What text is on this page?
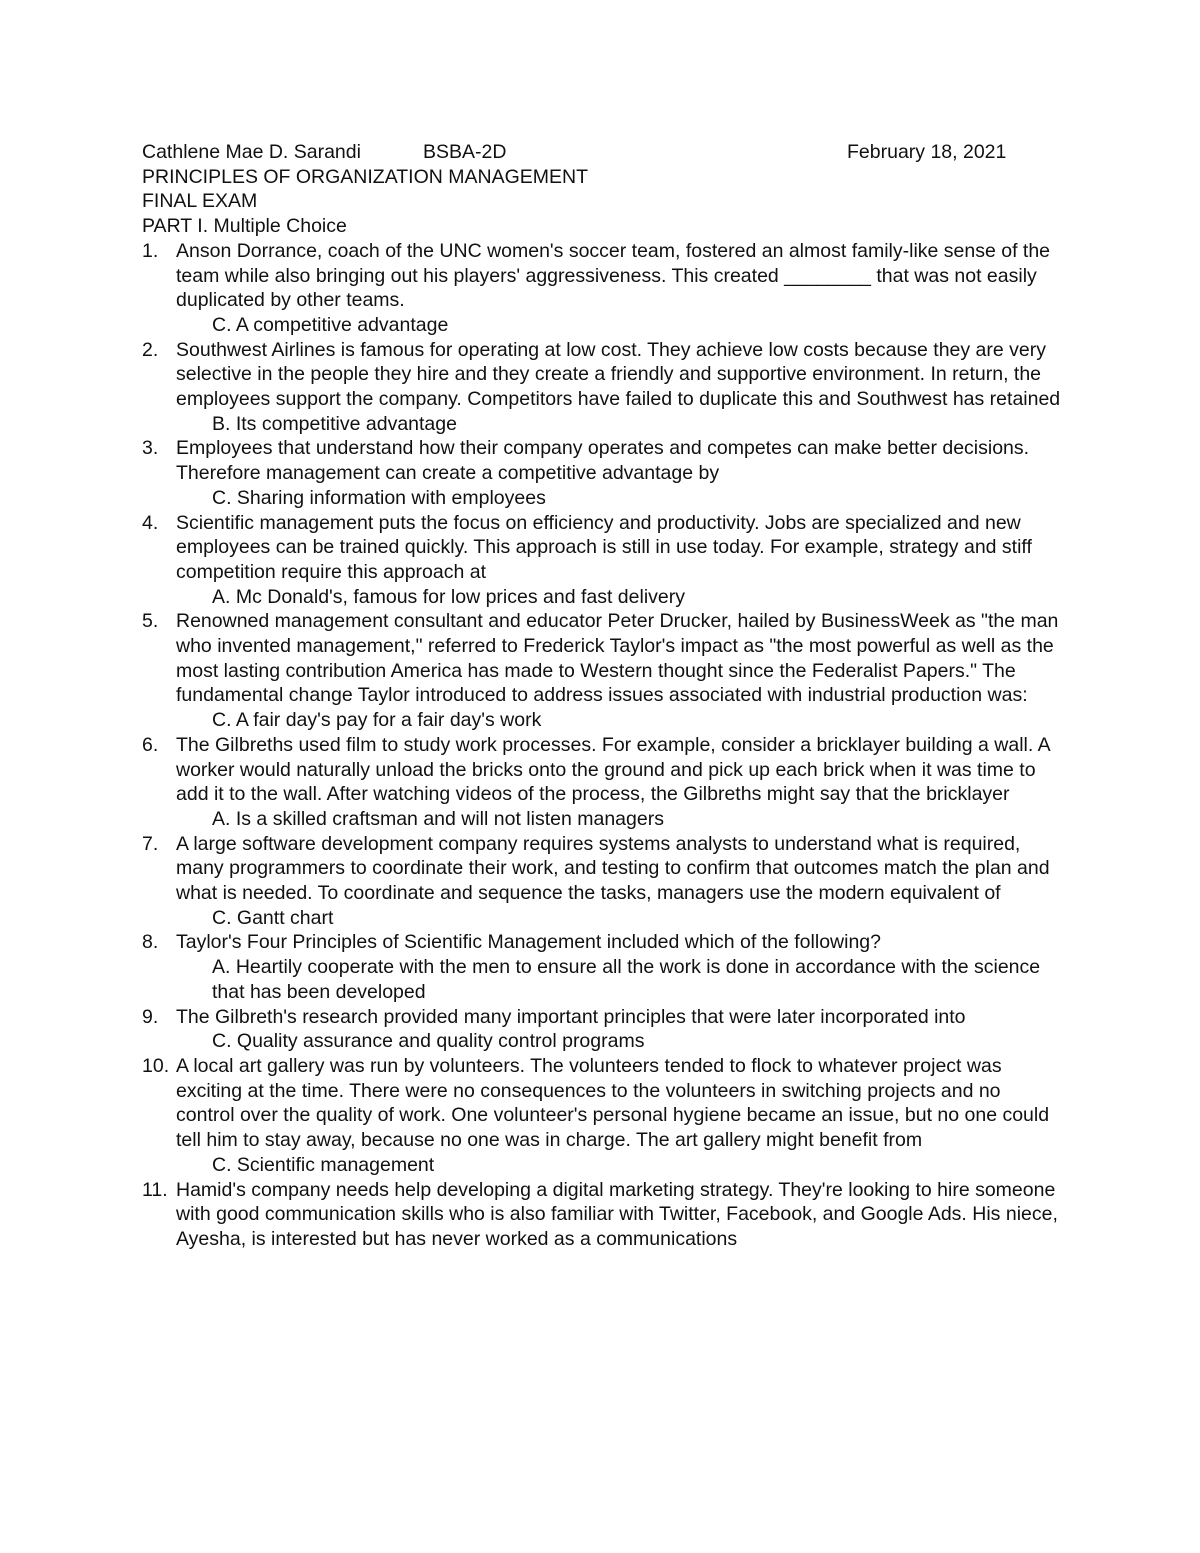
Cathlene Mae D. Sarandi	BSBA-2D	February 18, 2021
PRINCIPLES OF ORGANIZATION MANAGEMENT
FINAL EXAM
PART I. Multiple Choice
1. Anson Dorrance, coach of the UNC women's soccer team, fostered an almost family-like sense of the team while also bringing out his players' aggressiveness. This created ________ that was not easily duplicated by other teams.
C. A competitive advantage
2. Southwest Airlines is famous for operating at low cost. They achieve low costs because they are very selective in the people they hire and they create a friendly and supportive environment. In return, the employees support the company. Competitors have failed to duplicate this and Southwest has retained
B. Its competitive advantage
3. Employees that understand how their company operates and competes can make better decisions. Therefore management can create a competitive advantage by
C. Sharing information with employees
4. Scientific management puts the focus on efficiency and productivity. Jobs are specialized and new employees can be trained quickly. This approach is still in use today. For example, strategy and stiff competition require this approach at
A. Mc Donald's, famous for low prices and fast delivery
5. Renowned management consultant and educator Peter Drucker, hailed by BusinessWeek as "the man who invented management," referred to Frederick Taylor's impact as "the most powerful as well as the most lasting contribution America has made to Western thought since the Federalist Papers." The fundamental change Taylor introduced to address issues associated with industrial production was:
C. A fair day's pay for a fair day's work
6. The Gilbreths used film to study work processes. For example, consider a bricklayer building a wall. A worker would naturally unload the bricks onto the ground and pick up each brick when it was time to add it to the wall. After watching videos of the process, the Gilbreths might say that the bricklayer
A. Is a skilled craftsman and will not listen managers
7. A large software development company requires systems analysts to understand what is required, many programmers to coordinate their work, and testing to confirm that outcomes match the plan and what is needed. To coordinate and sequence the tasks, managers use the modern equivalent of
C. Gantt chart
8. Taylor's Four Principles of Scientific Management included which of the following?
A. Heartily cooperate with the men to ensure all the work is done in accordance with the science that has been developed
9. The Gilbreth's research provided many important principles that were later incorporated into
C. Quality assurance and quality control programs
10. A local art gallery was run by volunteers. The volunteers tended to flock to whatever project was exciting at the time. There were no consequences to the volunteers in switching projects and no control over the quality of work. One volunteer's personal hygiene became an issue, but no one could tell him to stay away, because no one was in charge. The art gallery might benefit from
C. Scientific management
11. Hamid's company needs help developing a digital marketing strategy. They're looking to hire someone with good communication skills who is also familiar with Twitter, Facebook, and Google Ads. His niece, Ayesha, is interested but has never worked as a communications
